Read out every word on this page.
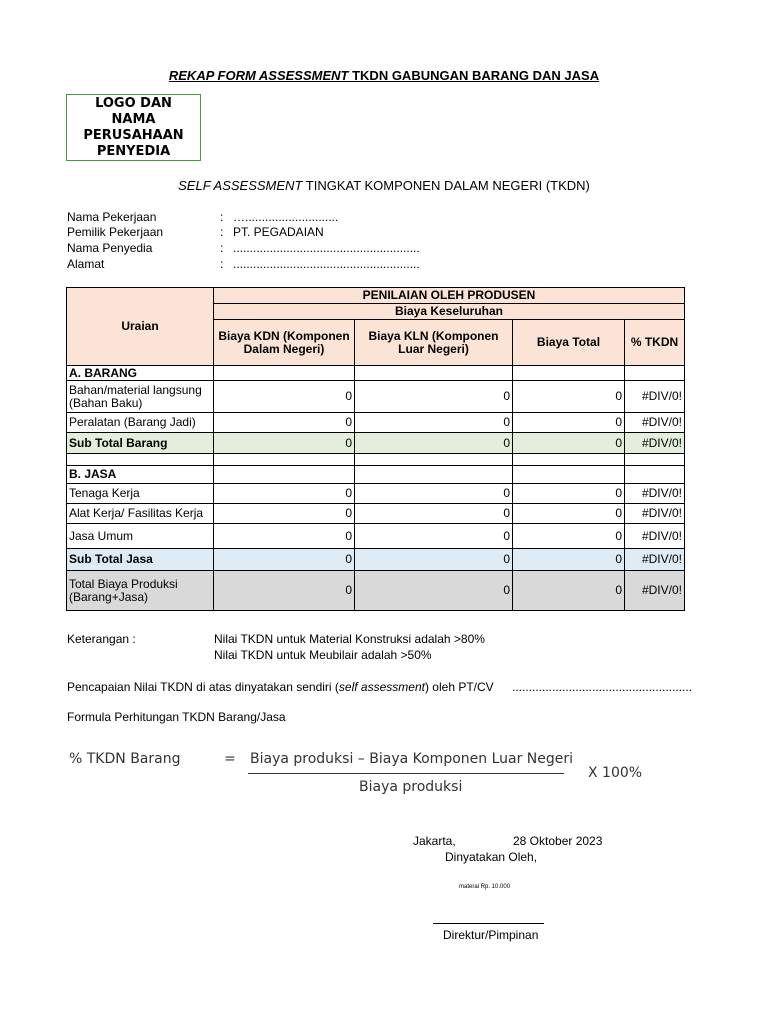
REKAP FORM ASSESSMENT TKDN GABUNGAN BARANG DAN JASA
LOGO DAN
NAMA
PERUSAHAAN
PENYEDIA
SELF ASSESSMENT TINGKAT KOMPONEN DALAM NEGERI (TKDN)
Nama Pekerjaan	: …............................
Pemilik Pekerjaan	: PT. PEGADAIAN
Nama Penyedia	: ........................................................
Alamat	: ........................................................
Uraian	PENILAIAN OLEH PRODUSEN			
	Biaya Keseluruhan			
	Biaya KDN (Komponen Dalam Negeri)	Biaya KLN (Komponen Luar Negeri)	Biaya Total	% TKDN
A. BARANG				
Bahan/material langsung (Bahan Baku)	0	0	0	#DIV/0!
Peralatan (Barang Jadi)	0	0	0	#DIV/0!
Sub Total Barang	0	0	0	#DIV/0!

B. JASA				
Tenaga Kerja	0	0	0	#DIV/0!
Alat Kerja/ Fasilitas Kerja	0	0	0	#DIV/0!
Jasa Umum	0	0	0	#DIV/0!
Sub Total Jasa	0	0	0	#DIV/0!
Total Biaya Produksi (Barang+Jasa)	0	0	0	#DIV/0!
Keterangan :	Nilai TKDN untuk Material Konstruksi adalah >80%
Nilai TKDN untuk Meubilair adalah >50%
Pencapaian Nilai TKDN di atas dinyatakan sendiri (self assessment) oleh PT/CV ......................................................
Formula Perhitungan TKDN Barang/Jasa
% TKDN Barang	= Biaya produksi – Biaya Komponen Luar Negeri
Biaya produksi
X 100%
Jakarta,	28 Oktober 2023
Dinyatakan Oleh,
materai Rp. 10.000
Direktur/Pimpinan
